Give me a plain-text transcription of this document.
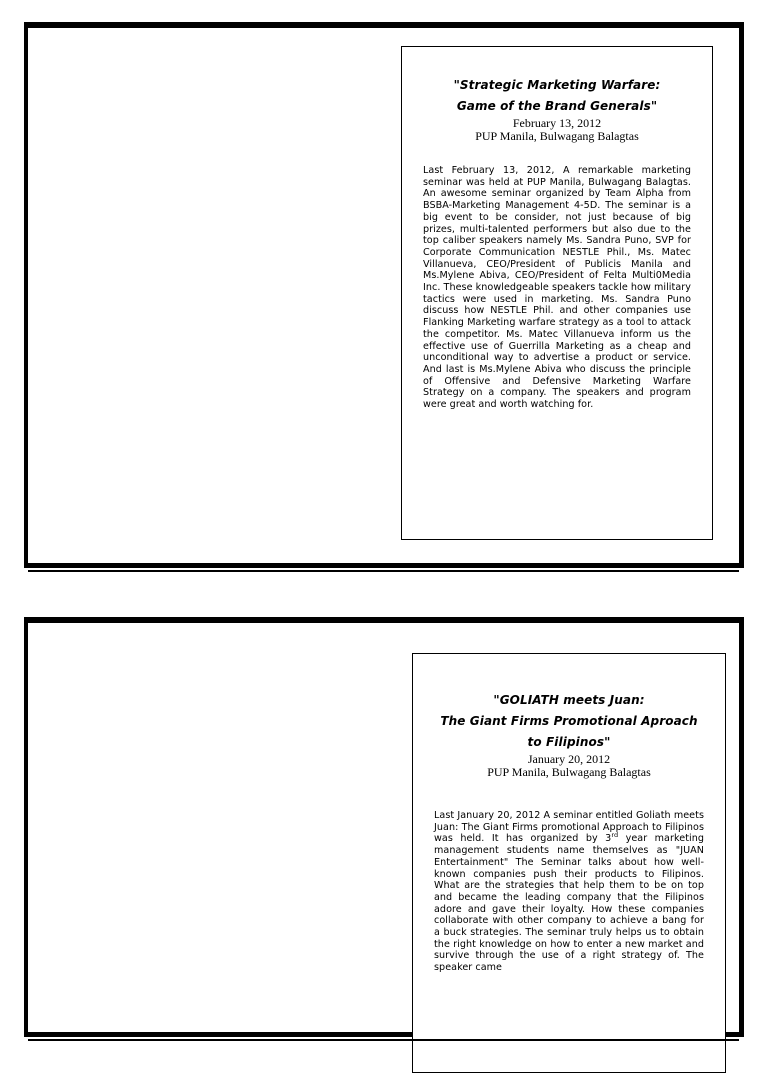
"Strategic Marketing Warfare:

Game of the Brand Generals"

February 13, 2012

PUP Manila, Bulwagang Balagtas

Last February 13, 2012, A remarkable marketing seminar was held at PUP Manila, Bulwagang Balagtas. An awesome seminar organized by Team Alpha from BSBA-Marketing Management 4-5D. The seminar is a big event to be consider, not just because of big prizes, multi-talented performers but also due to the top caliber speakers namely Ms. Sandra Puno, SVP for Corporate Communication NESTLE Phil., Ms. Matec Villanueva, CEO/President of Publicis Manila and Ms.Mylene Abiva, CEO/President of Felta Multi0Media Inc. These knowledgeable speakers tackle how military tactics were used in marketing. Ms. Sandra Puno discuss how NESTLE Phil. and other companies use Flanking Marketing warfare strategy as a tool to attack the competitor. Ms. Matec Villanueva inform us the effective use of Guerrilla Marketing as a cheap and unconditional way to advertise a product or service. And last is Ms.Mylene Abiva who discuss the principle of Offensive and Defensive Marketing Warfare Strategy on a company. The speakers and program were great and worth watching for.

"GOLIATH meets Juan:

The Giant Firms Promotional Aproach

to Filipinos"

January 20, 2012

PUP Manila, Bulwagang Balagtas

Last January 20, 2012 A seminar entitled Goliath meets Juan: The Giant Firms promotional Approach to Filipinos was held. It has organized by 3rd year marketing management students name themselves as "JUAN Entertainment" The Seminar talks about how well-known companies push their products to Filipinos. What are the strategies that help them to be on top and became the leading company that the Filipinos adore and gave their loyalty. How these companies collaborate with other company to achieve a bang for a buck strategies. The seminar truly helps us to obtain the right knowledge on how to enter a new market and survive through the use of a right strategy of. The speaker came
